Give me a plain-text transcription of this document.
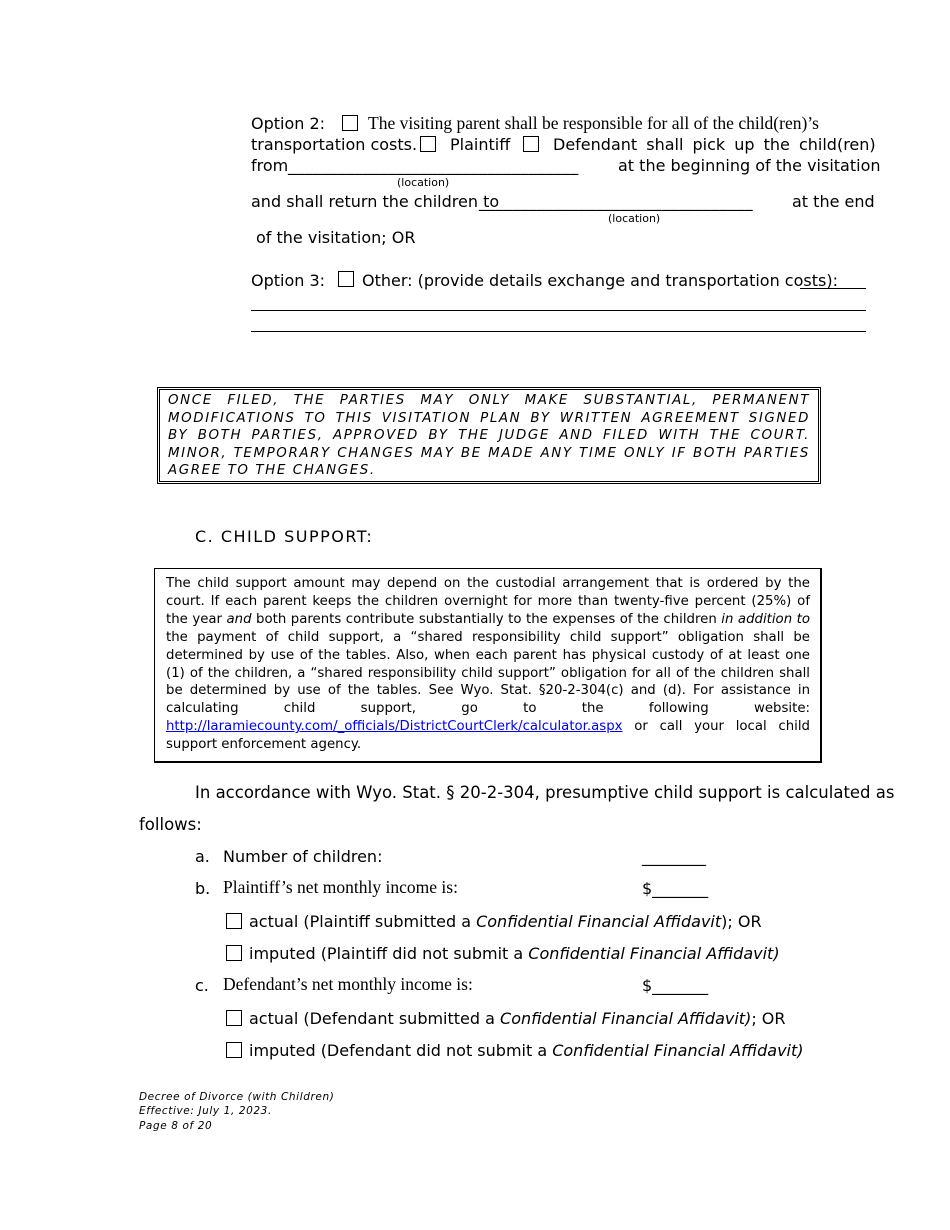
Option 2: The visiting parent shall be responsible for all of the child(ren)’s
transportation costs. Plaintiff	Defendant shall pick up the child(ren)
from ___________________________________ at the beginning of the visitation
(location)
and shall return the children to
_________________________________ at the end
(location)
of the visitation; OR
Option 3: Other: (provide details exchange and transportation costs):
ONCE FILED, THE PARTIES MAY ONLY MAKE SUBSTANTIAL, PERMANENT MODIFICATIONS TO THIS VISITATION PLAN BY WRITTEN AGREEMENT SIGNED BY BOTH PARTIES, APPROVED BY THE JUDGE AND FILED WITH THE COURT. MINOR, TEMPORARY CHANGES MAY BE MADE ANY TIME ONLY IF BOTH PARTIES AGREE TO THE CHANGES.
C. CHILD SUPPORT:
The child support amount may depend on the custodial arrangement that is ordered by the court. If each parent keeps the children overnight for more than twenty-five percent (25%) of the year and both parents contribute substantially to the expenses of the children in addition to the payment of child support, a “shared responsibility child support” obligation shall be determined by use of the tables. Also, when each parent has physical custody of at least one (1) of the children, a “shared responsibility child support” obligation for all of the children shall be determined by use of the tables. See Wyo. Stat. §20-2-304(c) and (d). For assistance in calculating child support, go to the following website: http://laramiecounty.com/_officials/DistrictCourtClerk/calculator.aspx or call your local child support enforcement agency.
In accordance with Wyo. Stat. § 20-2-304, presumptive child support is calculated as
follows:
a. Number of children:	________
b. Plaintiff’s net monthly income is:	$_______
actual (Plaintiff submitted a Confidential Financial Affidavit); OR
imputed (Plaintiff did not submit a Confidential Financial Affidavit)
c. Defendant’s net monthly income is:	$_______
actual (Defendant submitted a Confidential Financial Affidavit); OR
imputed (Defendant did not submit a Confidential Financial Affidavit)
Decree of Divorce (with Children)
Effective: July 1, 2023.
Page 8 of 20
